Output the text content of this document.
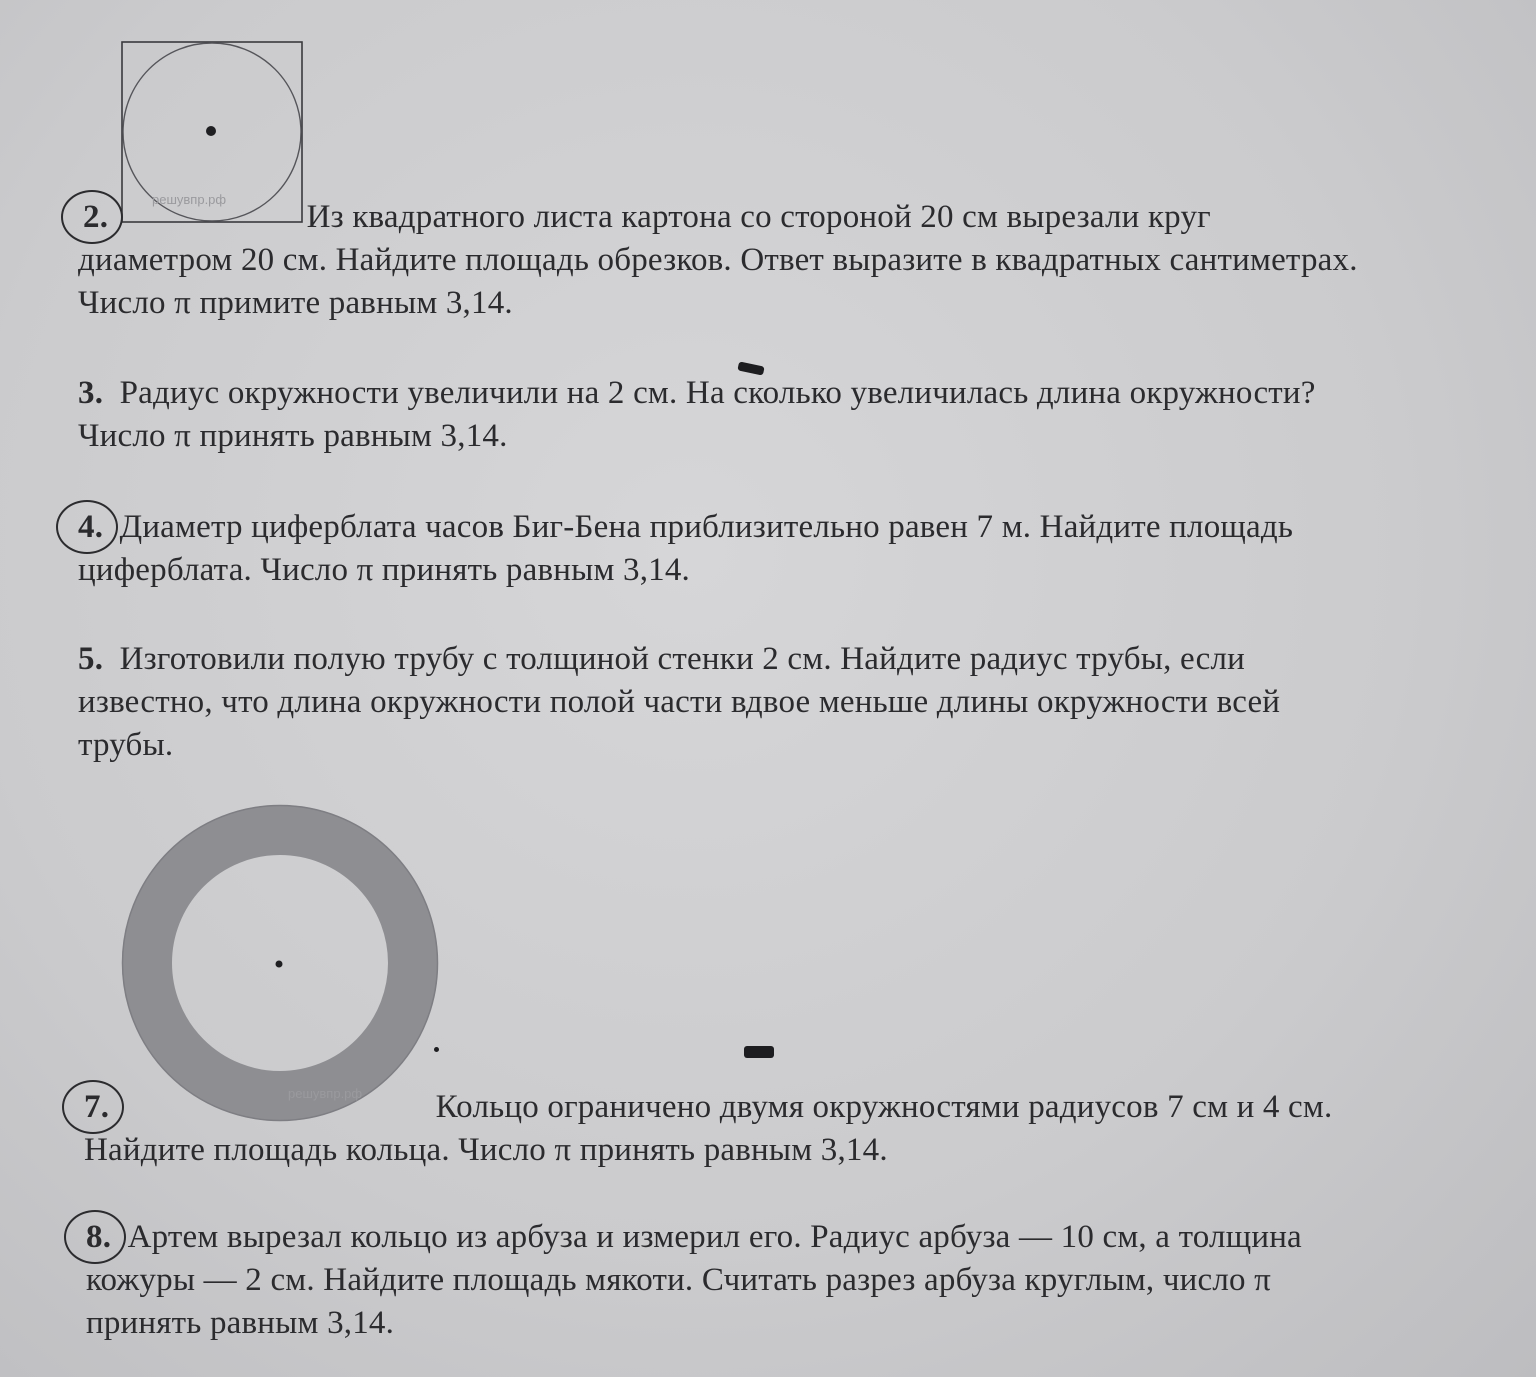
решувпр.рф
решувпр.рф
2.	Из квадратного листа картона со стороной 20 см вырезали круг
диаметром 20 см. Найдите площадь обрезков. Ответ выразите в квадратных сантиметрах.
Число π примите равным 3,14.
3. Радиус окружности увеличили на 2 см. На сколько увеличилась длина окружности?
Число π принять равным 3,14.
4. Диаметр циферблата часов Биг-Бена приблизительно равен 7 м. Найдите площадь
циферблата. Число π принять равным 3,14.
5. Изготовили полую трубу с толщиной стенки 2 см. Найдите радиус трубы, если
известно, что длина окружности полой части вдвое меньше длины окружности всей
трубы.
7.	Кольцо ограничено двумя окружностями радиусов 7 см и 4 см.
Найдите площадь кольца. Число π принять равным 3,14.
8. Артем вырезал кольцо из арбуза и измерил его. Радиус арбуза — 10 см, а толщина
кожуры — 2 см. Найдите площадь мякоти. Считать разрез арбуза круглым, число π
принять равным 3,14.
